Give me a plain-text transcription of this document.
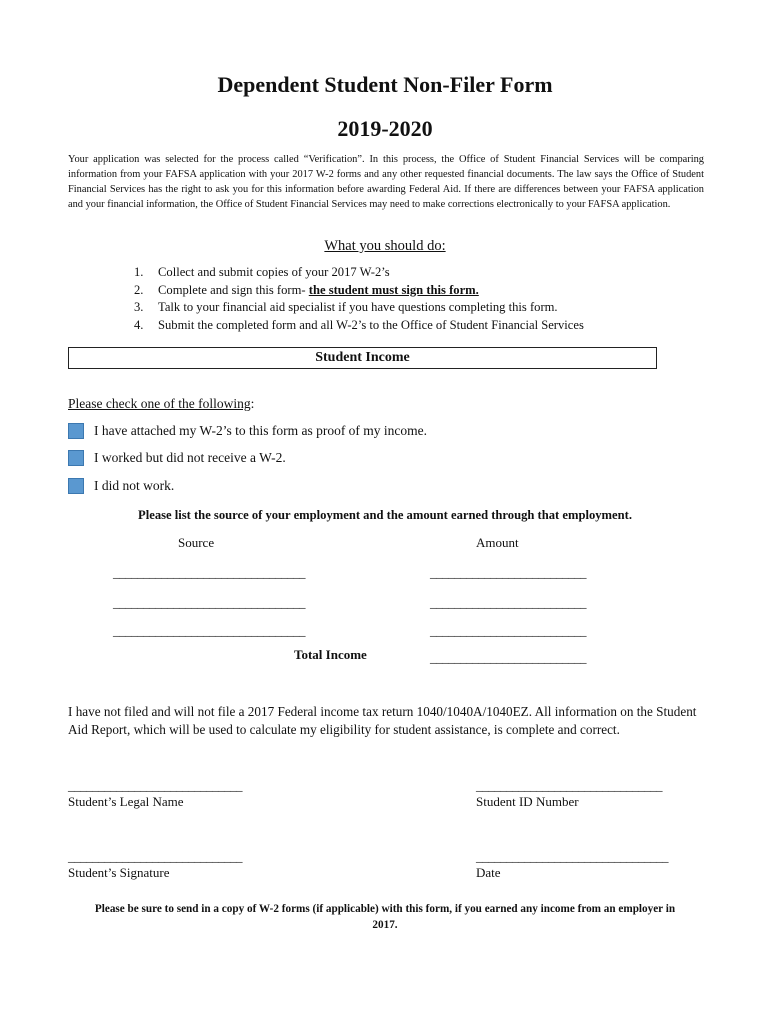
Dependent Student Non-Filer Form
2019-2020
Your application was selected for the process called “Verification”. In this process, the Office of Student Financial Services will be comparing information from your FAFSA application with your 2017 W-2 forms and any other requested financial documents. The law says the Office of Student Financial Services has the right to ask you for this information before awarding Federal Aid. If there are differences between your FAFSA application and your financial information, the Office of Student Financial Services may need to make corrections electronically to your FAFSA application.
What you should do:
1.	Collect and submit copies of your 2017 W-2’s
2.	Complete and sign this form- the student must sign this form.
3.	Talk to your financial aid specialist if you have questions completing this form.
4.	Submit the completed form and all W-2’s to the Office of Student Financial Services
Student Income
Please check one of the following:
I have attached my W-2’s to this form as proof of my income.
I worked but did not receive a W-2.
I did not work.
Please list the source of your employment and the amount earned through that employment.
Source	Amount
________________________________	__________________________
________________________________	__________________________
________________________________	__________________________
Total Income	__________________________
I have not filed and will not file a 2017 Federal income tax return 1040/1040A/1040EZ. All information on the Student Aid Report, which will be used to calculate my eligibility for student assistance, is complete and correct.
_____________________________	_______________________________
Student’s Legal Name	Student ID Number
_____________________________	________________________________
Student’s Signature	Date
Please be sure to send in a copy of W-2 forms (if applicable) with this form, if you earned any income from an employer in 2017.
